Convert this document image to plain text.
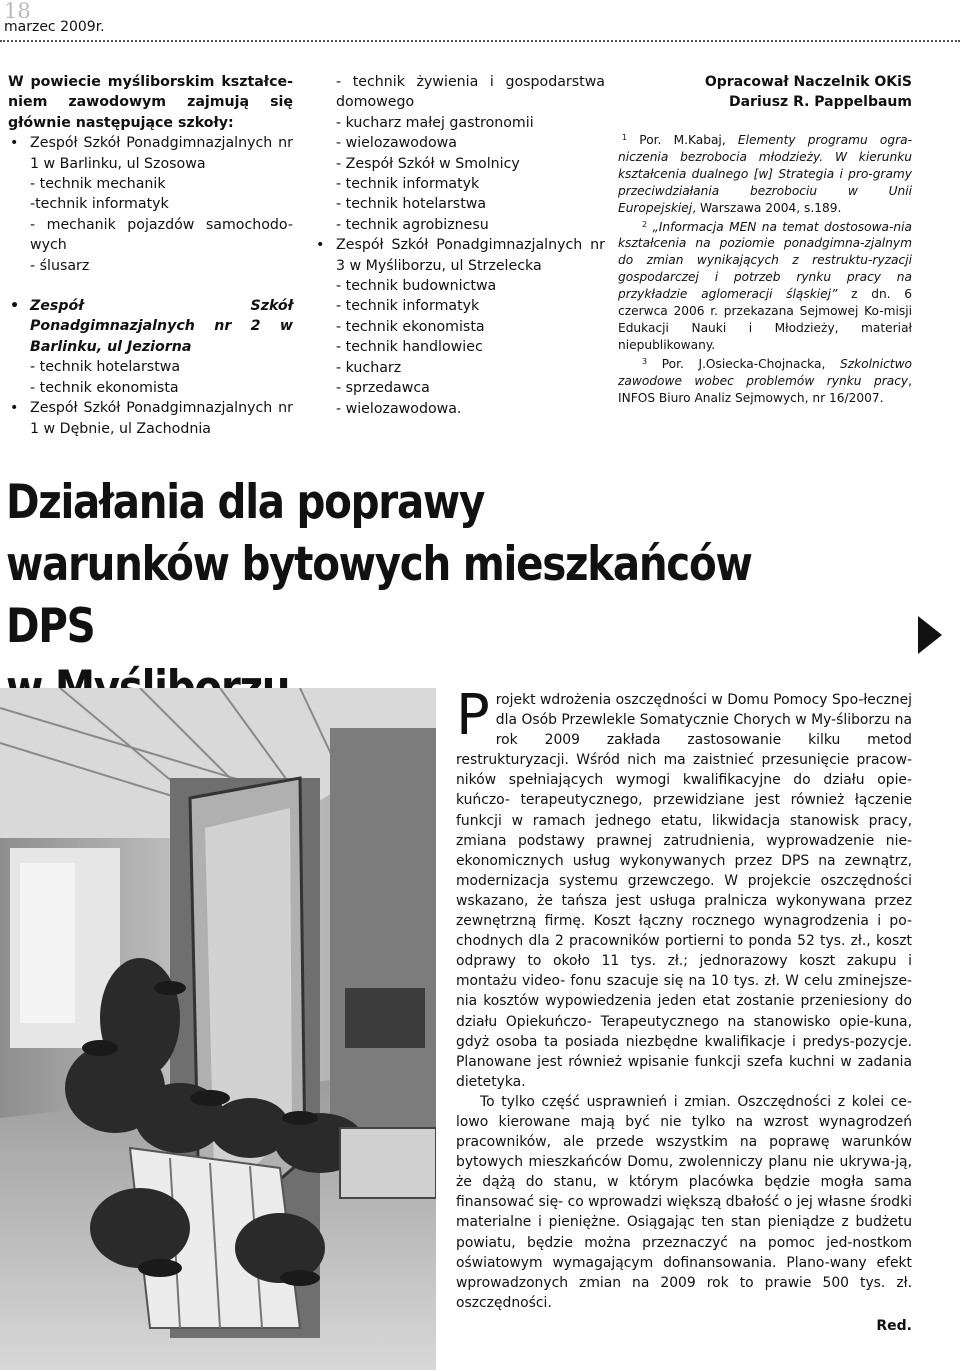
18
marzec 2009r.

W powiecie myśliborskim kształce-niem zawodowym zajmują się głównie następujące szkoły:

• Zespół Szkół Ponadgimnazjalnych nr 1 w Barlinku, ul Szosowa

- technik mechanik

-technik informatyk

- mechanik pojazdów samochodo-wych

- ślusarz

• Zespół Szkół Ponadgimnazjalnych nr 2 w Barlinku, ul Jeziorna

- technik hotelarstwa

- technik ekonomista

• Zespół Szkół Ponadgimnazjalnych nr 1 w Dębnie, ul Zachodnia

- technik żywienia i gospodarstwa domowego

- kucharz małej gastronomii

- wielozawodowa

- Zespół Szkół w Smolnicy

- technik informatyk

- technik hotelarstwa

- technik agrobiznesu

• Zespół Szkół Ponadgimnazjalnych nr 3 w Myśliborzu, ul Strzelecka

- technik budownictwa

- technik informatyk

- technik ekonomista

- technik handlowiec

- kucharz

- sprzedawca

- wielozawodowa.

Opracował Naczelnik OKiS
Dariusz R. Pappelbaum

$^1$ Por. M.Kabaj, Elementy programu ogra-niczenia bezrobocia młodzieży. W kierunku kształcenia dualnego [w] Strategia i pro-gramy przeciwdziałania bezrobociu w Unii Europejskiej, Warszawa 2004, s.189.

$^2$ „Informacja MEN na temat dostosowa-nia kształcenia na poziomie ponadgimna-zjalnym do zmian wynikających z restruktu-ryzacji gospodarczej i potrzeb rynku pracy na przykładzie aglomeracji śląskiej” z dn. 6 czerwca 2006 r. przekazana Sejmowej Ko-misji Edukacji Nauki i Młodzieży, materiał niepublikowany.

$^3$ Por. J.Osiecka-Chojnacka, Szkolnictwo zawodowe wobec problemów rynku pracy, INFOS Biuro Analiz Sejmowych, nr 16/2007.

Działania dla poprawy
warunków bytowych mieszkańców DPS

Projekt wdrożenia oszczędności w Domu Pomocy Spo-łecznej dla Osób Przewlekle Somatycznie Chorych w My-śliborzu na rok 2009 zakłada zastosowanie kilku metod restrukturyzacji. Wśród nich ma zaistnieć przesunięcie pracow-ników spełniających wymogi kwalifikacyjne do działu opie-kuńczo- terapeutycznego, przewidziane jest również łączenie funkcji w ramach jednego etatu, likwidacja stanowisk pracy, zmiana podstawy prawnej zatrudnienia, wyprowadzenie nie-ekonomicznych usług wykonywanych przez DPS na zewnątrz, modernizacja systemu grzewczego. W projekcie oszczędności wskazano, że tańsza jest usługa pralnicza wykonywana przez zewnętrzną firmę. Koszt łączny rocznego wynagrodzenia i po-chodnych dla 2 pracowników portierni to ponda 52 tys. zł., koszt odprawy to około 11 tys. zł.; jednorazowy koszt zakupu i montażu video- fonu szacuje się na 10 tys. zł. W celu zminejsze-nia kosztów wypowiedzenia jeden etat zostanie przeniesiony do działu Opiekuńczo- Terapeutycznego na stanowisko opie-kuna, gdyż osoba ta posiada niezbędne kwalifikacje i predys-pozycje. Planowane jest również wpisanie funkcji szefa kuchni w zadania dietetyka.

To tylko część usprawnień i zmian. Oszczędności z kolei ce-lowo kierowane mają być nie tylko na wzrost wynagrodzeń pracowników, ale przede wszystkim na poprawę warunków bytowych mieszkańców Domu, zwolenniczy planu nie ukrywa-ją, że dążą do stanu, w którym placówka będzie mogła sama finansować się- co wprowadzi większą dbałość o jej własne środki materialne i pieniężne. Osiągając ten stan pieniądze z budżetu powiatu, będzie można przeznaczyć na pomoc jed-nostkom oświatowym wymagającym dofinansowania. Plano-wany efekt wprowadzonych zmian na 2009 rok to prawie 500 tys. zł. oszczędności.

Red.
